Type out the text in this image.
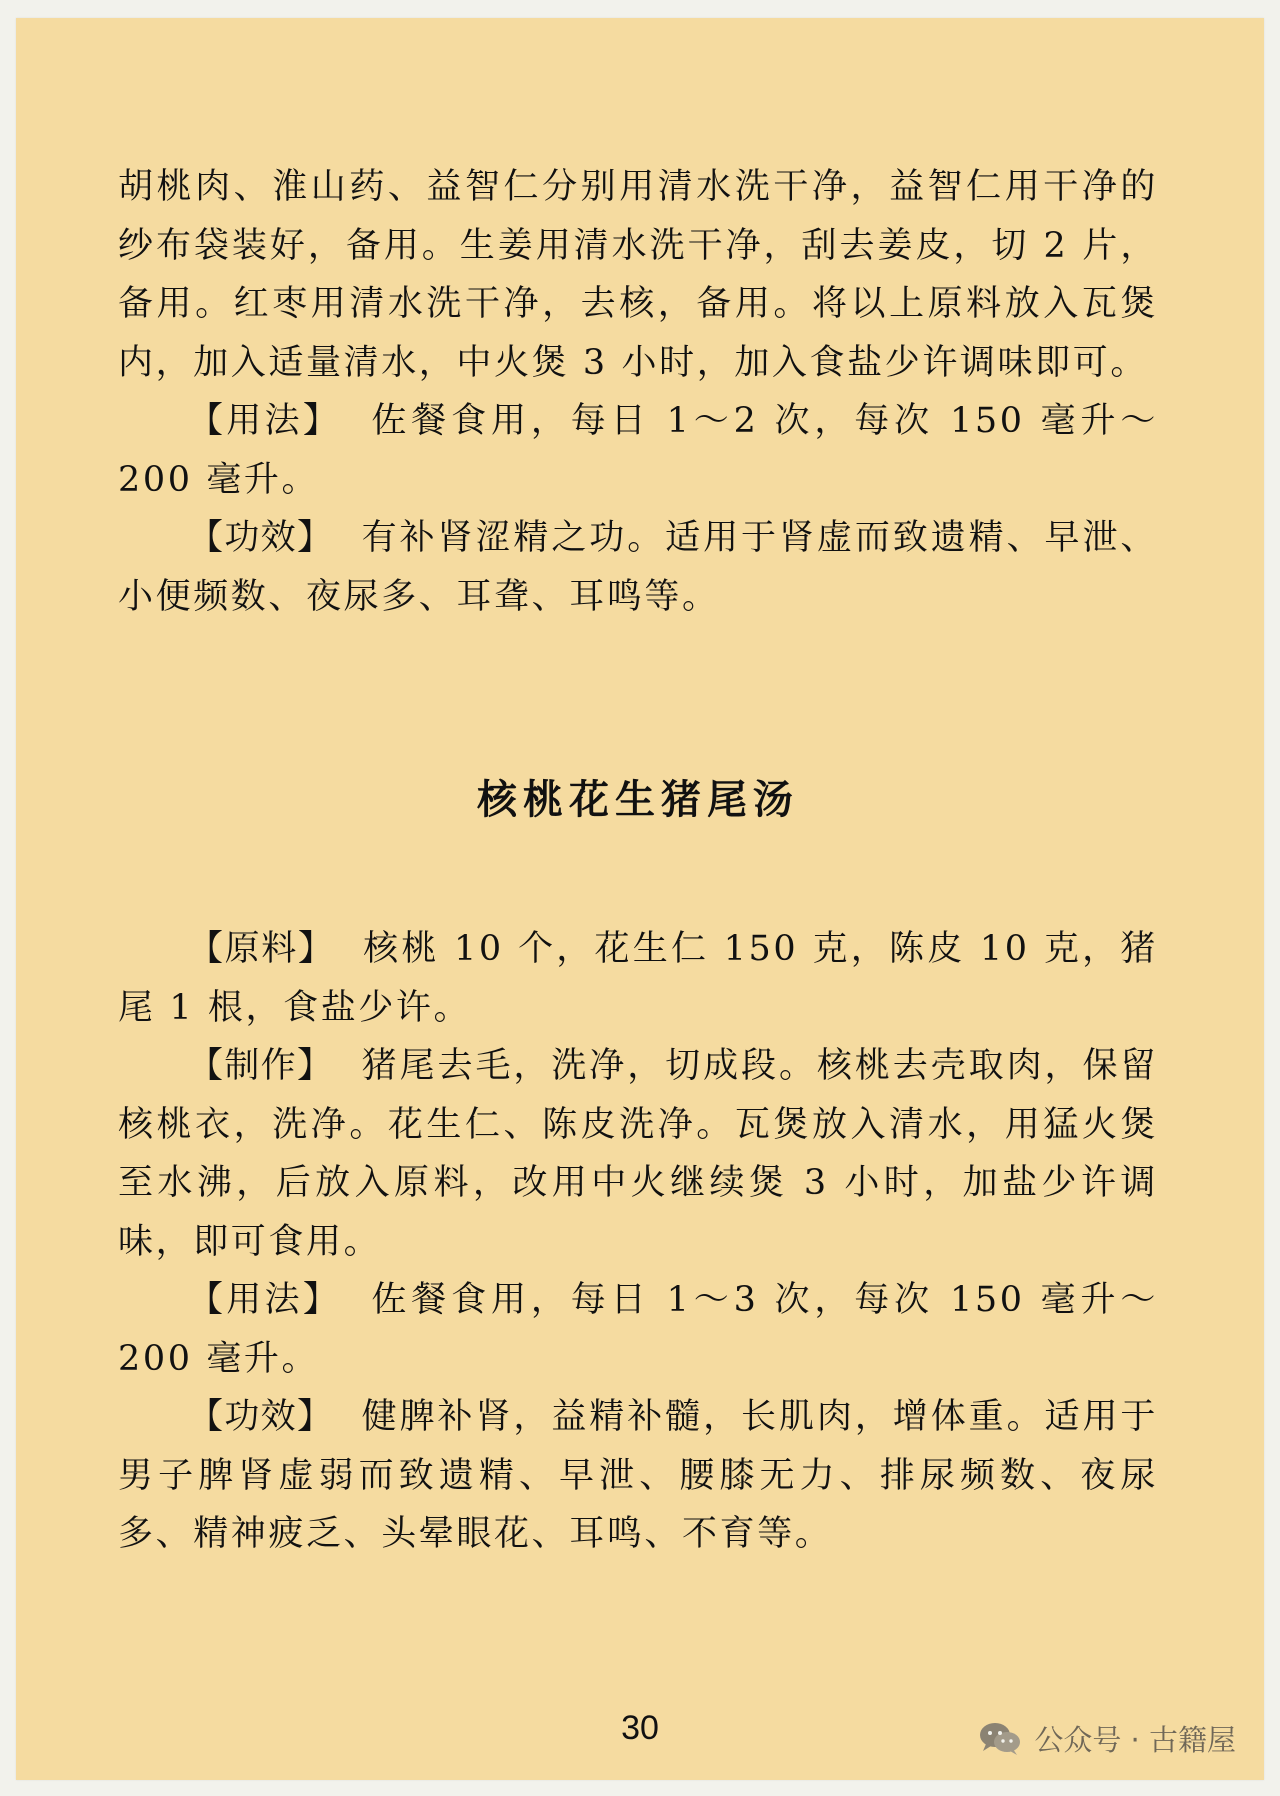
胡桃肉、淮山药、益智仁分别用清水洗干净，益智仁用干净的纱布袋装好，备用。生姜用清水洗干净，刮去姜皮，切 2 片，备用。红枣用清水洗干净，去核，备用。将以上原料放入瓦煲内，加入适量清水，中火煲 3 小时，加入食盐少许调味即可。

【用法】 佐餐食用，每日 1～2 次，每次 150 毫升～200 毫升。

【功效】 有补肾涩精之功。适用于肾虚而致遗精、早泄、小便频数、夜尿多、耳聋、耳鸣等。

核桃花生猪尾汤

【原料】 核桃 10 个，花生仁 150 克，陈皮 10 克，猪尾 1 根，食盐少许。

【制作】 猪尾去毛，洗净，切成段。核桃去壳取肉，保留核桃衣，洗净。花生仁、陈皮洗净。瓦煲放入清水，用猛火煲至水沸，后放入原料，改用中火继续煲 3 小时，加盐少许调味，即可食用。

【用法】 佐餐食用，每日 1～3 次，每次 150 毫升～200 毫升。

【功效】 健脾补肾，益精补髓，长肌肉，增体重。适用于男子脾肾虚弱而致遗精、早泄、腰膝无力、排尿频数、夜尿多、精神疲乏、头晕眼花、耳鸣、不育等。

30	公众号 · 古籍屋
